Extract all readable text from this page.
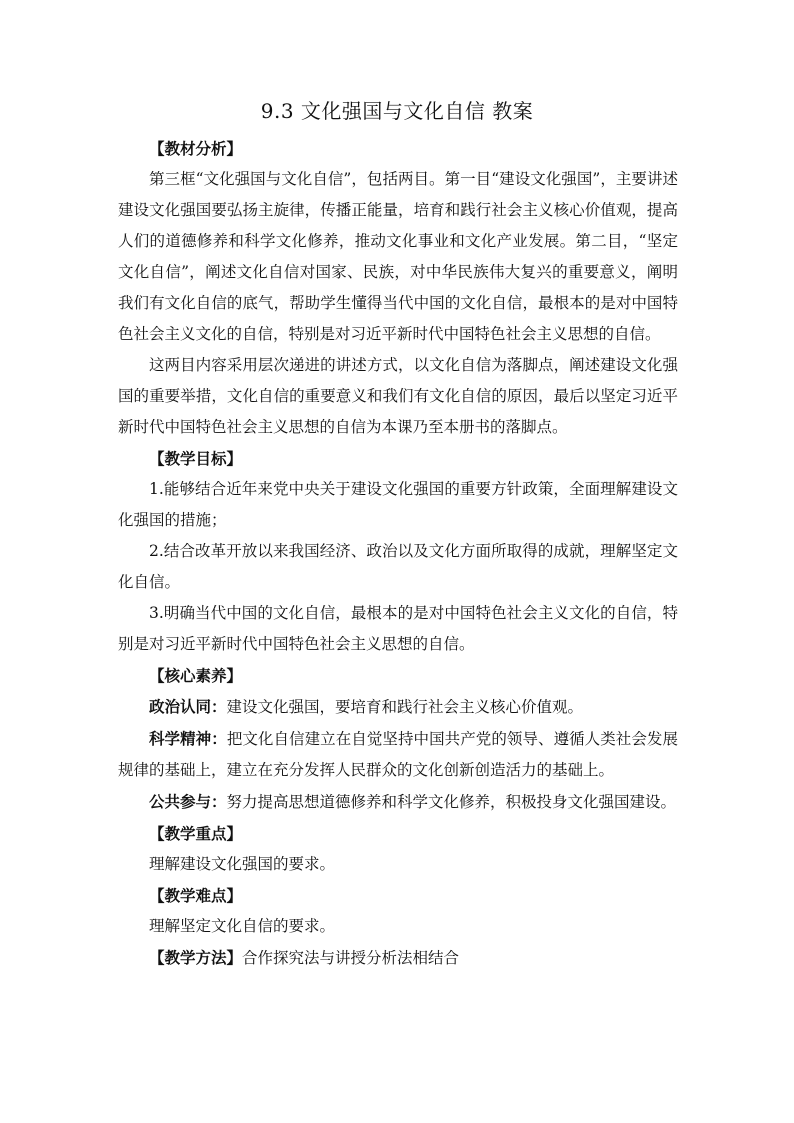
9.3 文化强国与文化自信 教案

【教材分析】

第三框“文化强国与文化自信”，包括两目。第一目“建设文化强国”，主要讲述建设文化强国要弘扬主旋律，传播正能量，培育和践行社会主义核心价值观，提高人们的道德修养和科学文化修养，推动文化事业和文化产业发展。第二目，“坚定文化自信”，阐述文化自信对国家、民族，对中华民族伟大复兴的重要意义，阐明我们有文化自信的底气，帮助学生懂得当代中国的文化自信，最根本的是对中国特色社会主义文化的自信，特别是对习近平新时代中国特色社会主义思想的自信。

这两目内容采用层次递进的讲述方式，以文化自信为落脚点，阐述建设文化强国的重要举措，文化自信的重要意义和我们有文化自信的原因，最后以坚定习近平新时代中国特色社会主义思想的自信为本课乃至本册书的落脚点。

【教学目标】

1.能够结合近年来党中央关于建设文化强国的重要方针政策，全面理解建设文化强国的措施；

2.结合改革开放以来我国经济、政治以及文化方面所取得的成就，理解坚定文化自信。

3.明确当代中国的文化自信，最根本的是对中国特色社会主义文化的自信，特别是对习近平新时代中国特色社会主义思想的自信。

【核心素养】

政治认同：建设文化强国，要培育和践行社会主义核心价值观。

科学精神：把文化自信建立在自觉坚持中国共产党的领导、遵循人类社会发展规律的基础上，建立在充分发挥人民群众的文化创新创造活力的基础上。

公共参与：努力提高思想道德修养和科学文化修养，积极投身文化强国建设。

【教学重点】

理解建设文化强国的要求。

【教学难点】

理解坚定文化自信的要求。

【教学方法】合作探究法与讲授分析法相结合
